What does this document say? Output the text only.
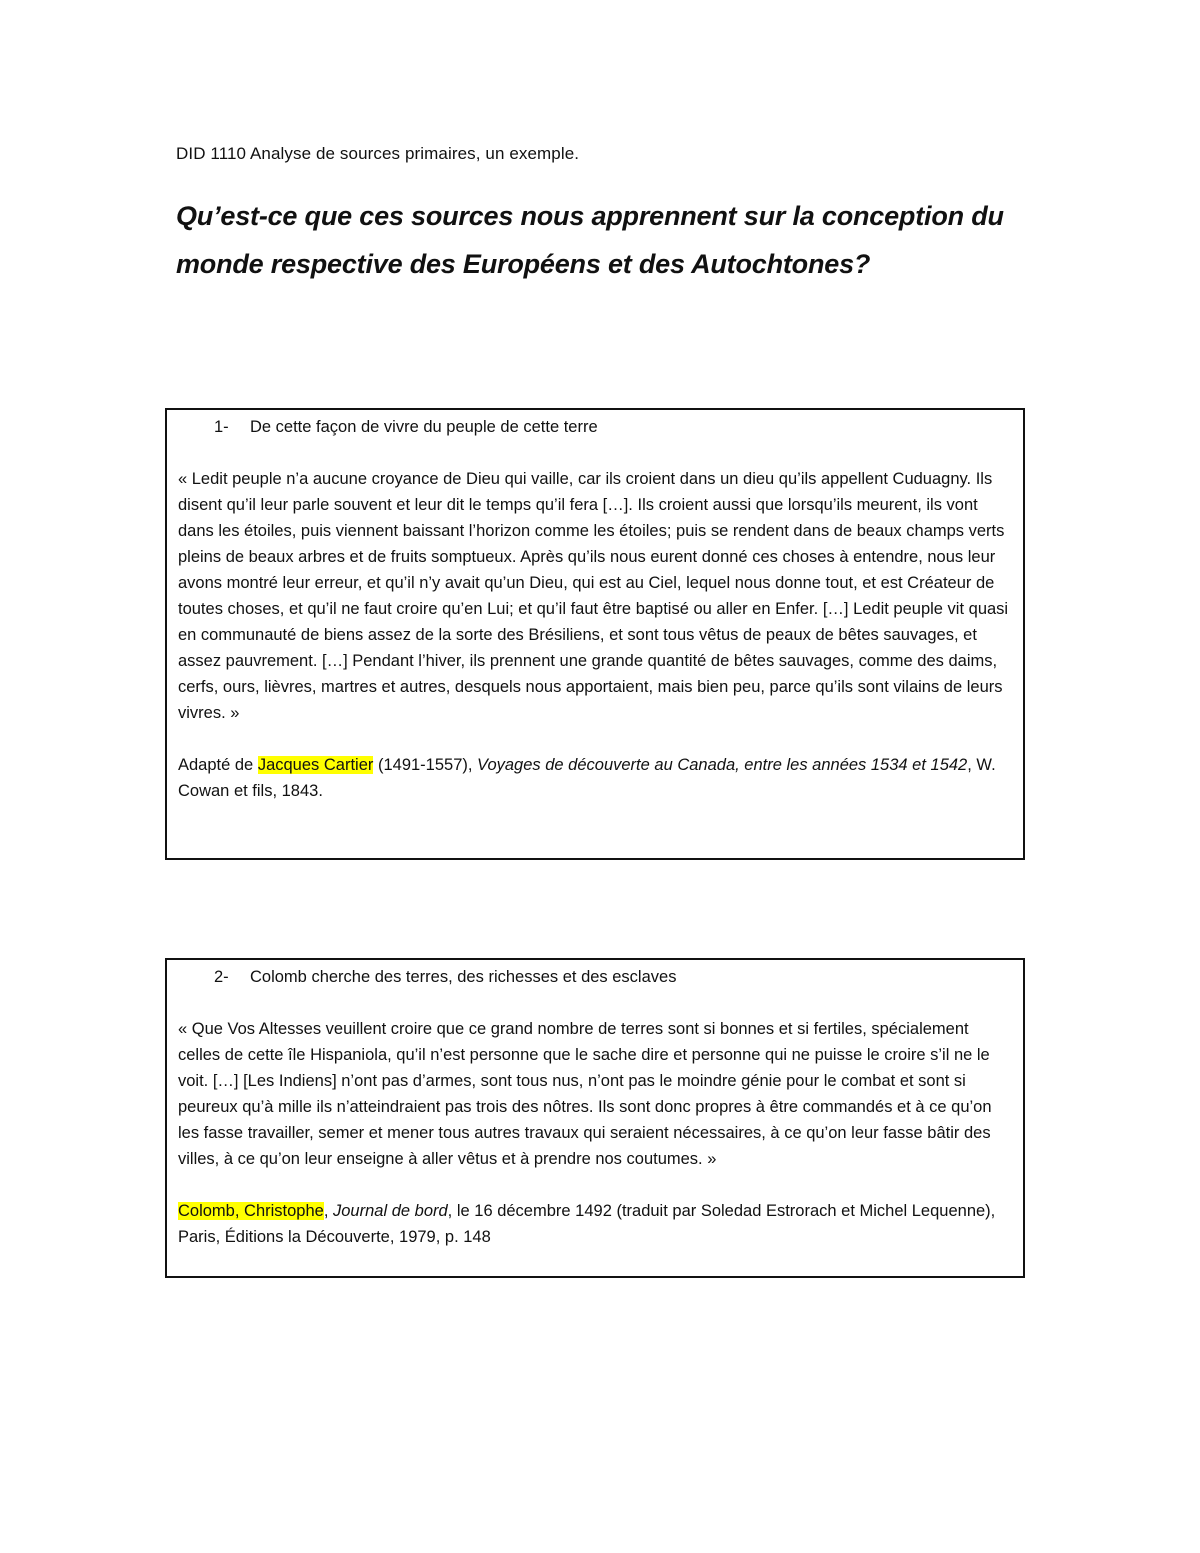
DID 1110 Analyse de sources primaires, un exemple.
Qu’est-ce que ces sources nous apprennent sur la conception du monde respective des Européens et des Autochtones?
1-	De cette façon de vivre du peuple de cette terre

« Ledit peuple n’a aucune croyance de Dieu qui vaille, car ils croient dans un dieu qu’ils appellent Cuduagny. Ils disent qu’il leur parle souvent et leur dit le temps qu’il fera […]. Ils croient aussi que lorsqu’ils meurent, ils vont dans les étoiles, puis viennent baissant l’horizon comme les étoiles; puis se rendent dans de beaux champs verts pleins de beaux arbres et de fruits somptueux. Après qu’ils nous eurent donné ces choses à entendre, nous leur avons montré leur erreur, et qu’il n’y avait qu’un Dieu, qui est au Ciel, lequel nous donne tout, et est Créateur de toutes choses, et qu’il ne faut croire qu’en Lui; et qu’il faut être baptisé ou aller en Enfer. […] Ledit peuple vit quasi en communauté de biens assez de la sorte des Brésiliens, et sont tous vêtus de peaux de bêtes sauvages, et assez pauvrement. […] Pendant l’hiver, ils prennent une grande quantité de bêtes sauvages, comme des daims, cerfs, ours, lièvres, martres et autres, desquels nous apportaient, mais bien peu, parce qu’ils sont vilains de leurs vivres. »

Adapté de Jacques Cartier (1491-1557), Voyages de découverte au Canada, entre les années 1534 et 1542, W. Cowan et fils, 1843.

2-	Colomb cherche des terres, des richesses et des esclaves

« Que Vos Altesses veuillent croire que ce grand nombre de terres sont si bonnes et si fertiles, spécialement celles de cette île Hispaniola, qu’il n’est personne que le sache dire et personne qui ne puisse le croire s’il ne le voit. […] [Les Indiens] n’ont pas d’armes, sont tous nus, n’ont pas le moindre génie pour le combat et sont si peureux qu’à mille ils n’atteindraient pas trois des nôtres. Ils sont donc propres à être commandés et à ce qu’on les fasse travailler, semer et mener tous autres travaux qui seraient nécessaires, à ce qu’on leur fasse bâtir des villes, à ce qu’on leur enseigne à aller vêtus et à prendre nos coutumes. »

Colomb, Christophe, Journal de bord, le 16 décembre 1492 (traduit par Soledad Estrorach et Michel Lequenne), Paris, Éditions la Découverte, 1979, p. 148
